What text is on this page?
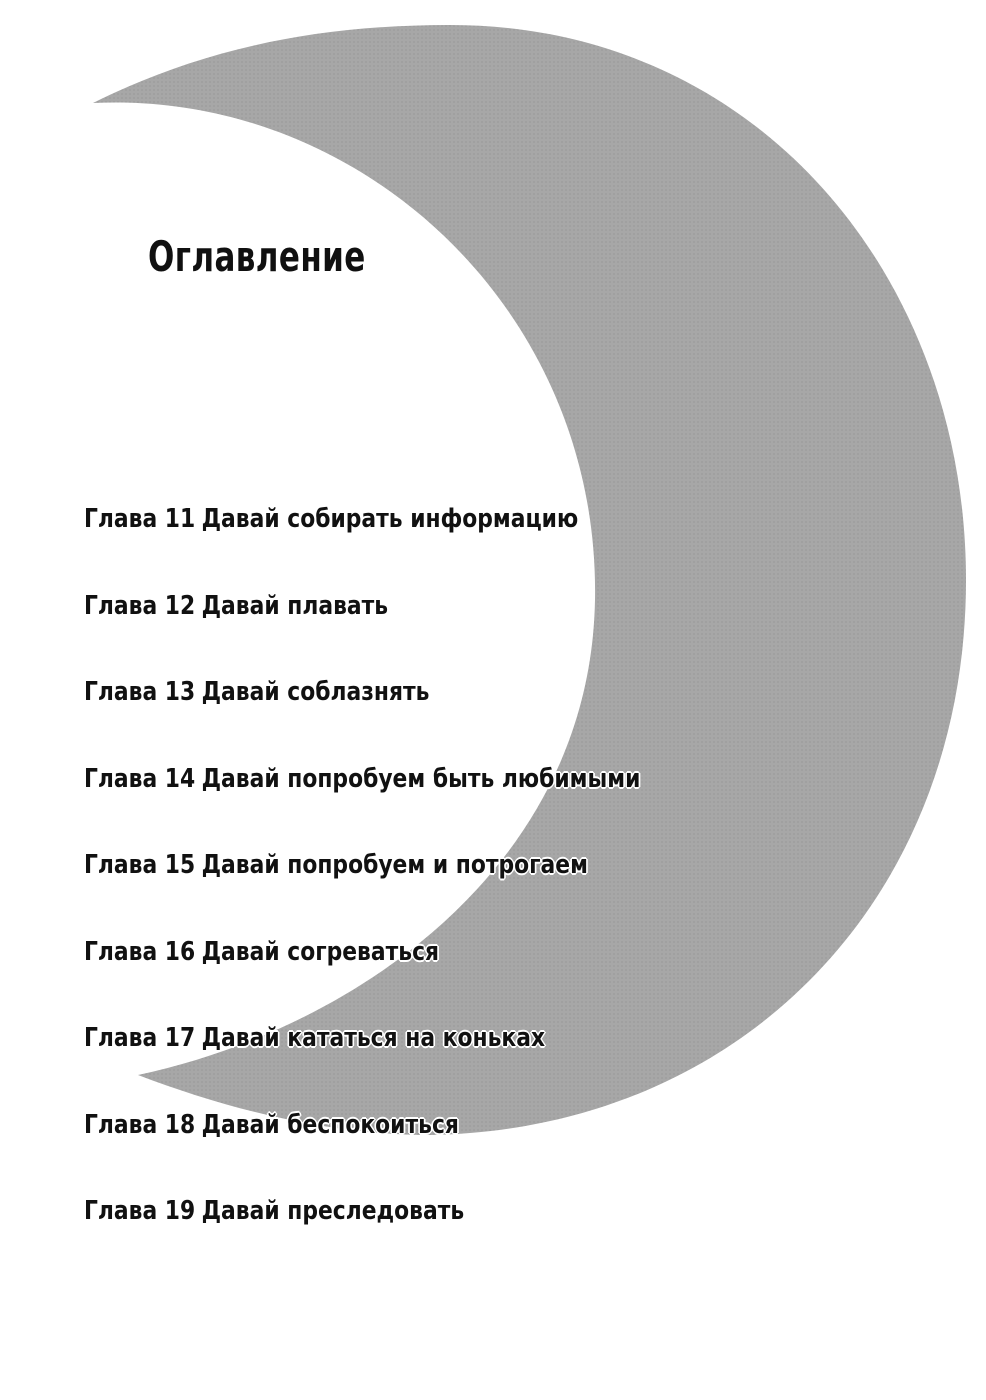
Оглавление
Глава 11 Давай собирать информацию
Глава 12 Давай плавать
Глава 13 Давай соблазнять
Глава 14 Давай попробуем быть любимыми
Глава 15 Давай попробуем и потрогаем
Глава 16 Давай согреваться
Глава 17 Давай кататься на коньках
Глава 18 Давай беспокоиться
Глава 19 Давай преследовать
